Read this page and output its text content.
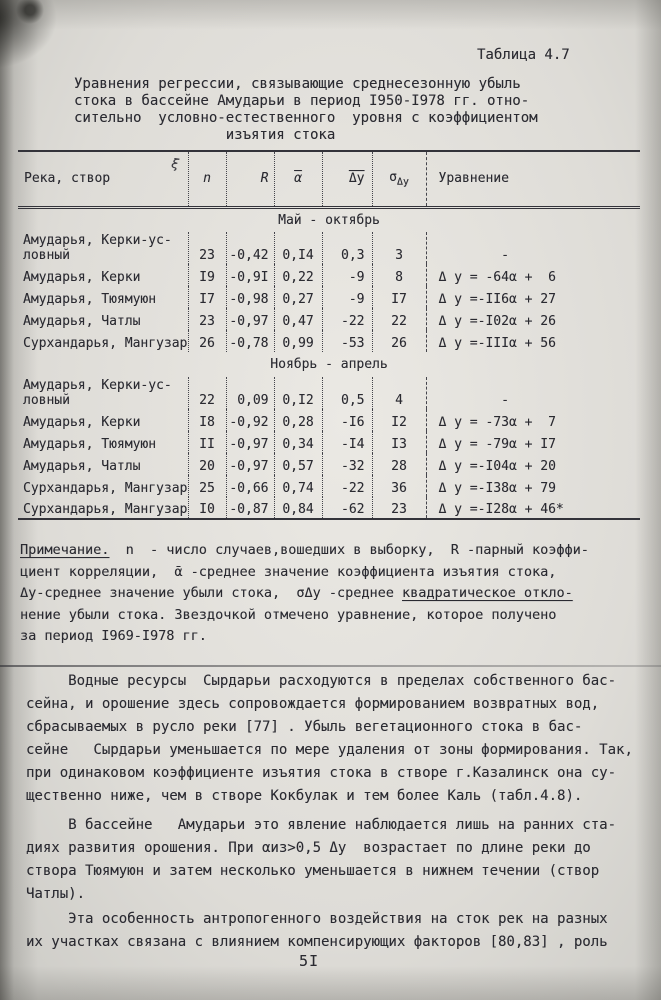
Таблица 4.7
Уравнения регрессии, связывающие среднесезонную убыль
стока в бассейне Амударьи в период I950-I978 гг. отно-
сительно  условно-естественного  уровня с коэффициентом
изъятия стока
ξ
Река, створ	n	R	$\overline{\alpha}$	Δу	$\sigma_{\Delta у}$	Уравнение
Май - октябрь						
Амударья, Керки-ус-
ловный	23	-0,42	0,I4	0,3	3	-
Амударья, Керки	I9	-0,9I	0,22	-9	8	Δ у = -64α +  6
Амударья, Тюямуюн	I7	-0,98	0,27	-9	I7	Δ у =-II6α + 27
Амударья, Чатлы	23	-0,97	0,47	-22	22	Δ у =-I02α + 26
Сурхандарья, Мангузар	26	-0,78	0,99	-53	26	Δ у =-IIIα + 56
Ноябрь - апрель						
Амударья, Керки-ус-
ловный	22	0,09	0,I2	0,5	4	-
Амударья, Керки	I8	-0,92	0,28	-I6	I2	Δ у = -73α +  7
Амударья, Тюямуюн	II	-0,97	0,34	-I4	I3	Δ у = -79α + I7
Амударья, Чатлы	20	-0,97	0,57	-32	28	Δ у =-I04α + 20
Сурхандарья, Мангузар	25	-0,66	0,74	-22	36	Δ у =-I38α + 79
Сурхандарья, Мангузар	I0	-0,87	0,84	-62	23	Δ у =-I28α + 46*
Примечание.  n  - число случаев,вошедших в выборку,  R -парный коэффи-
циент корреляции,  ᾱ -среднее значение коэффициента изъятия стока,
Δу-среднее значение убыли стока,  σΔу -среднее квадратическое откло-
нение убыли стока. Звездочкой отмечено уравнение, которое получено
за период I969-I978 гг.
Водные ресурсы  Сырдарьи расходуются в пределах собственного бас-
сейна, и орошение здесь сопровождается формированием возвратных вод,
сбрасываемых в русло реки [77] . Убыль вегетационного стока в бас-
сейне   Сырдарьи уменьшается по мере удаления от зоны формирования. Так,
при одинаковом коэффициенте изъятия стока в створе г.Казалинск она су-
щественно ниже, чем в створе Кокбулак и тем более Каль (табл.4.8).
В бассейне   Амударьи это явление наблюдается лишь на ранних ста-
диях развития орошения. При αиз>0,5 Δу  возрастает по длине реки до
створа Тюямуюн и затем несколько уменьшается в нижнем течении (створ
Чатлы).
Эта особенность антропогенного воздействия на сток рек на разных
их участках связана с влиянием компенсирующих факторов [80,83] , роль
5I
